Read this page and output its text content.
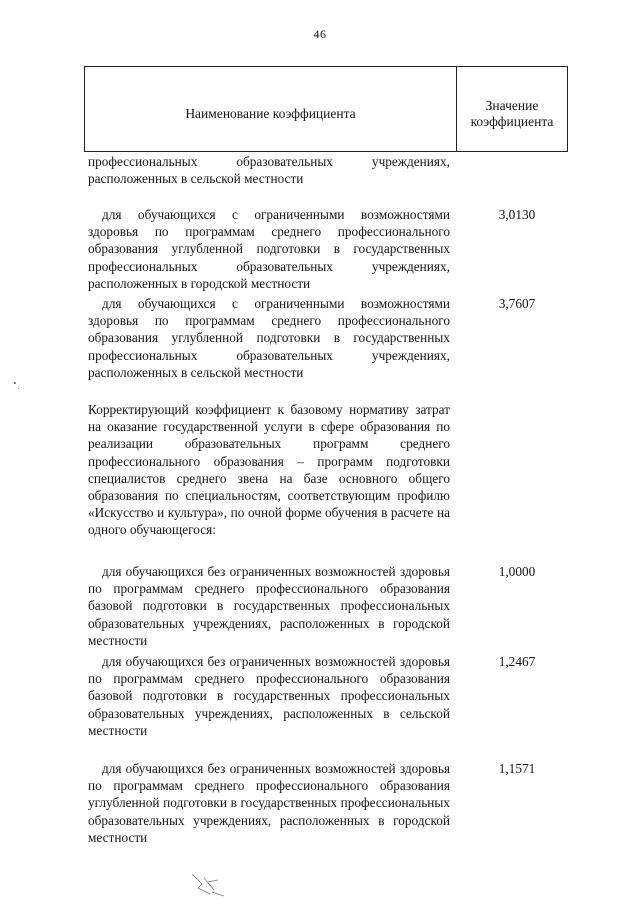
46
Наименование коэффициента
Значение
коэффициента
профессиональных образовательных учреждениях, расположенных в сельской местности
для обучающихся с ограниченными возможностями здоровья по программам среднего профессионального образования углубленной подготовки в государственных профессиональных образовательных учреждениях, расположенных в городской местности
3,0130
для обучающихся с ограниченными возможностями здоровья по программам среднего профессионального образования углубленной подготовки в государственных профессиональных образовательных учреждениях, расположенных в сельской местности
3,7607
Корректирующий коэффициент к базовому нормативу затрат на оказание государственной услуги в сфере образования по реализации образовательных программ среднего профессионального образования – программ подготовки специалистов среднего звена на базе основного общего образования по специальностям, соответствующим профилю «Искусство и культура», по очной форме обучения в расчете на одного обучающегося:
для обучающихся без ограниченных возможностей здоровья по программам среднего профессионального образования базовой подготовки в государственных профессиональных образовательных учреждениях, расположенных в городской местности
1,0000
для обучающихся без ограниченных возможностей здоровья по программам среднего профессионального образования базовой подготовки в государственных профессиональных образовательных учреждениях, расположенных в сельской местности
1,2467
для обучающихся без ограниченных возможностей здоровья по программам среднего профессионального образования углубленной подготовки в государственных профессиональных образовательных учреждениях, расположенных в городской местности
1,1571
